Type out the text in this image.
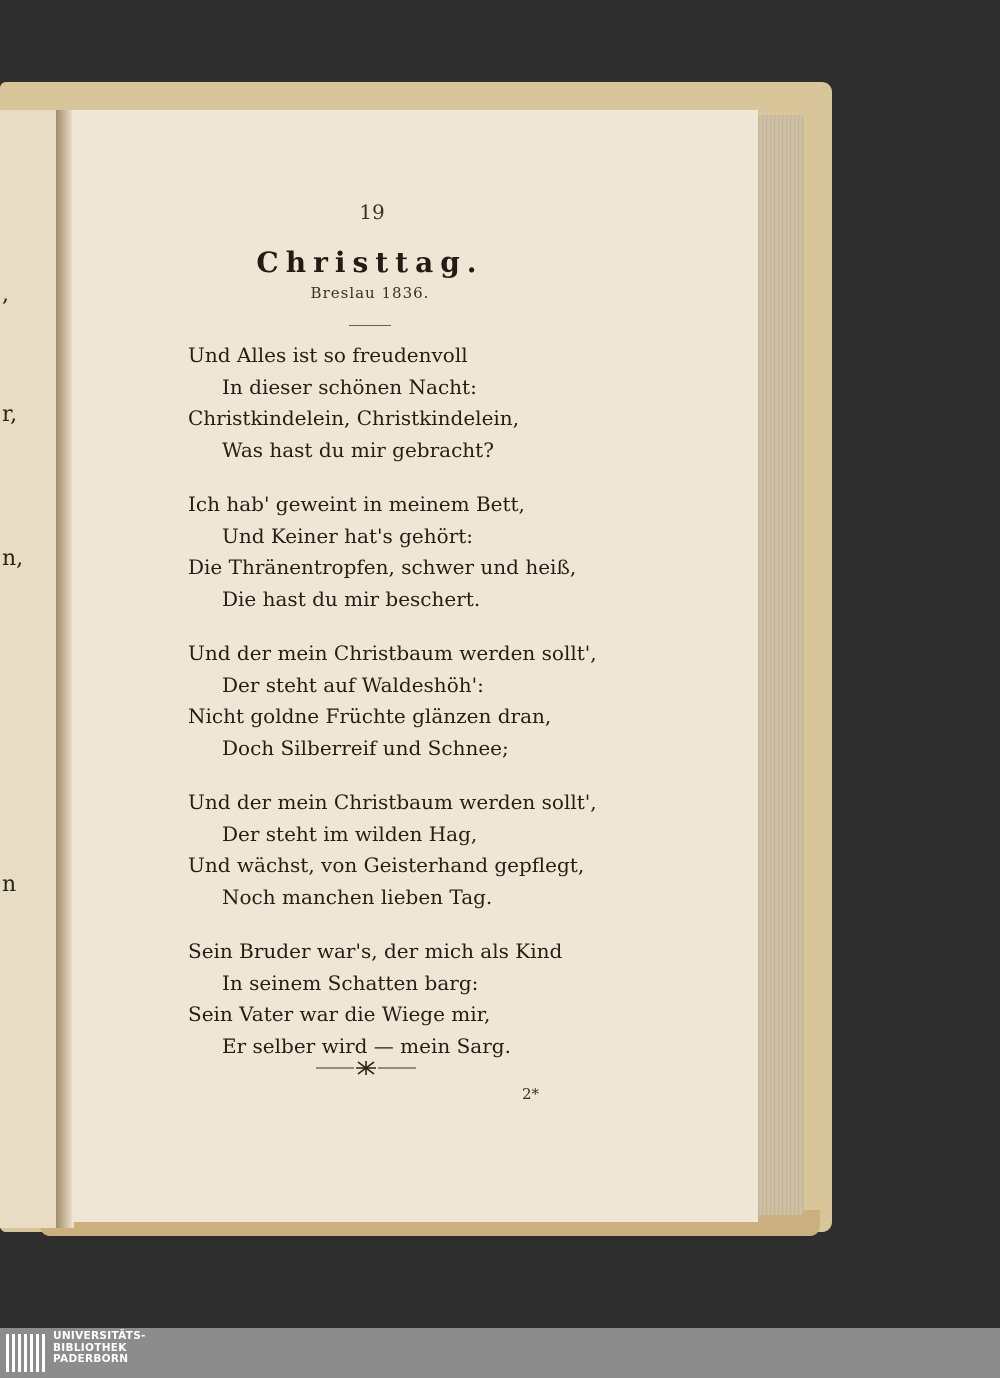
,
r,
n,
n
19
Christtag.
Breslau 1836.
Und Alles ist so freudenvoll
In dieser schönen Nacht:
Christkindelein, Christkindelein,
Was hast du mir gebracht?
Ich hab' geweint in meinem Bett,
Und Keiner hat's gehört:
Die Thränentropfen, schwer und heiß,
Die hast du mir beschert.
Und der mein Christbaum werden sollt',
Der steht auf Waldeshöh':
Nicht goldne Früchte glänzen dran,
Doch Silberreif und Schnee;
Und der mein Christbaum werden sollt',
Der steht im wilden Hag,
Und wächst, von Geisterhand gepflegt,
Noch manchen lieben Tag.
Sein Bruder war's, der mich als Kind
In seinem Schatten barg:
Sein Vater war die Wiege mir,
Er selber wird — mein Sarg.
2*
UNIVERSITÄTS-
BIBLIOTHEK
PADERBORN
